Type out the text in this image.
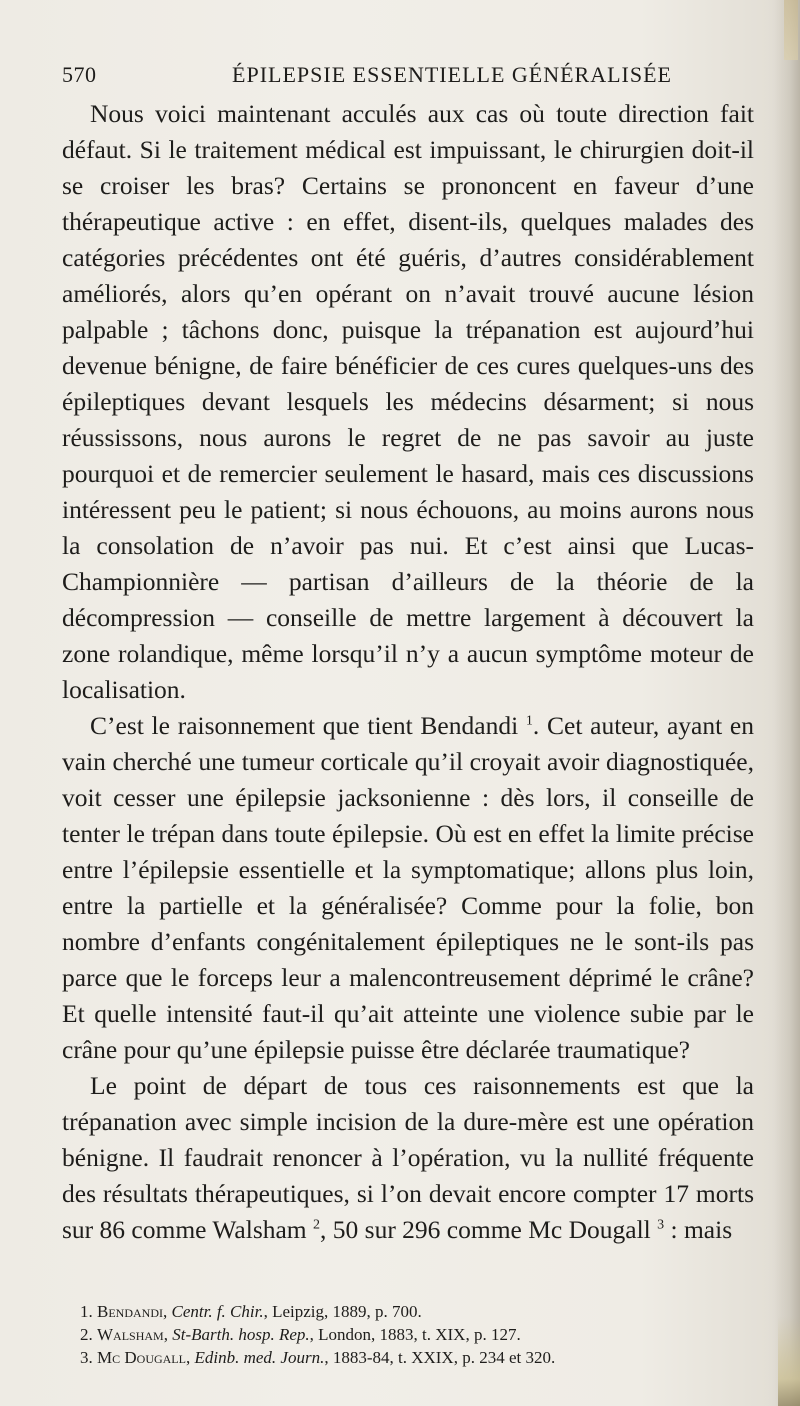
570	ÉPILEPSIE ESSENTIELLE GÉNÉRALISÉE

Nous voici maintenant acculés aux cas où toute direction fait défaut. Si le traitement médical est impuissant, le chirurgien doit-il se croiser les bras? Certains se prononcent en faveur d’une thérapeutique active : en effet, disent-ils, quelques malades des catégories précédentes ont été guéris, d’autres considérablement améliorés, alors qu’en opérant on n’avait trouvé aucune lésion palpable ; tâchons donc, puisque la trépanation est aujourd’hui devenue bénigne, de faire bénéficier de ces cures quelques-uns des épileptiques devant lesquels les médecins désarment; si nous réussissons, nous aurons le regret de ne pas savoir au juste pourquoi et de remercier seulement le hasard, mais ces discussions intéressent peu le patient; si nous échouons, au moins aurons nous la consolation de n’avoir pas nui. Et c’est ainsi que Lucas-Championnière — partisan d’ailleurs de la théorie de la décompression — conseille de mettre largement à découvert la zone rolandique, même lorsqu’il n’y a aucun symptôme moteur de localisation.

C’est le raisonnement que tient Bendandi $^1$. Cet auteur, ayant en vain cherché une tumeur corticale qu’il croyait avoir diagnostiquée, voit cesser une épilepsie jacksonienne : dès lors, il conseille de tenter le trépan dans toute épilepsie. Où est en effet la limite précise entre l’épilepsie essentielle et la symptomatique; allons plus loin, entre la partielle et la généralisée? Comme pour la folie, bon nombre d’enfants congénitalement épileptiques ne le sont-ils pas parce que le forceps leur a malencontreusement déprimé le crâne? Et quelle intensité faut-il qu’ait atteinte une violence subie par le crâne pour qu’une épilepsie puisse être déclarée traumatique?

Le point de départ de tous ces raisonnements est que la trépanation avec simple incision de la dure-mère est une opération bénigne. Il faudrait renoncer à l’opération, vu la nullité fréquente des résultats thérapeutiques, si l’on devait encore compter 17 morts sur 86 comme Walsham $^2$, 50 sur 296 comme Mc Dougall $^3$ : mais

1. Bendandi, Centr. f. Chir., Leipzig, 1889, p. 700.

2. Walsham, St-Barth. hosp. Rep., London, 1883, t. XIX, p. 127.

3. Mc Dougall, Edinb. med. Journ., 1883-84, t. XXIX, p. 234 et 320.
